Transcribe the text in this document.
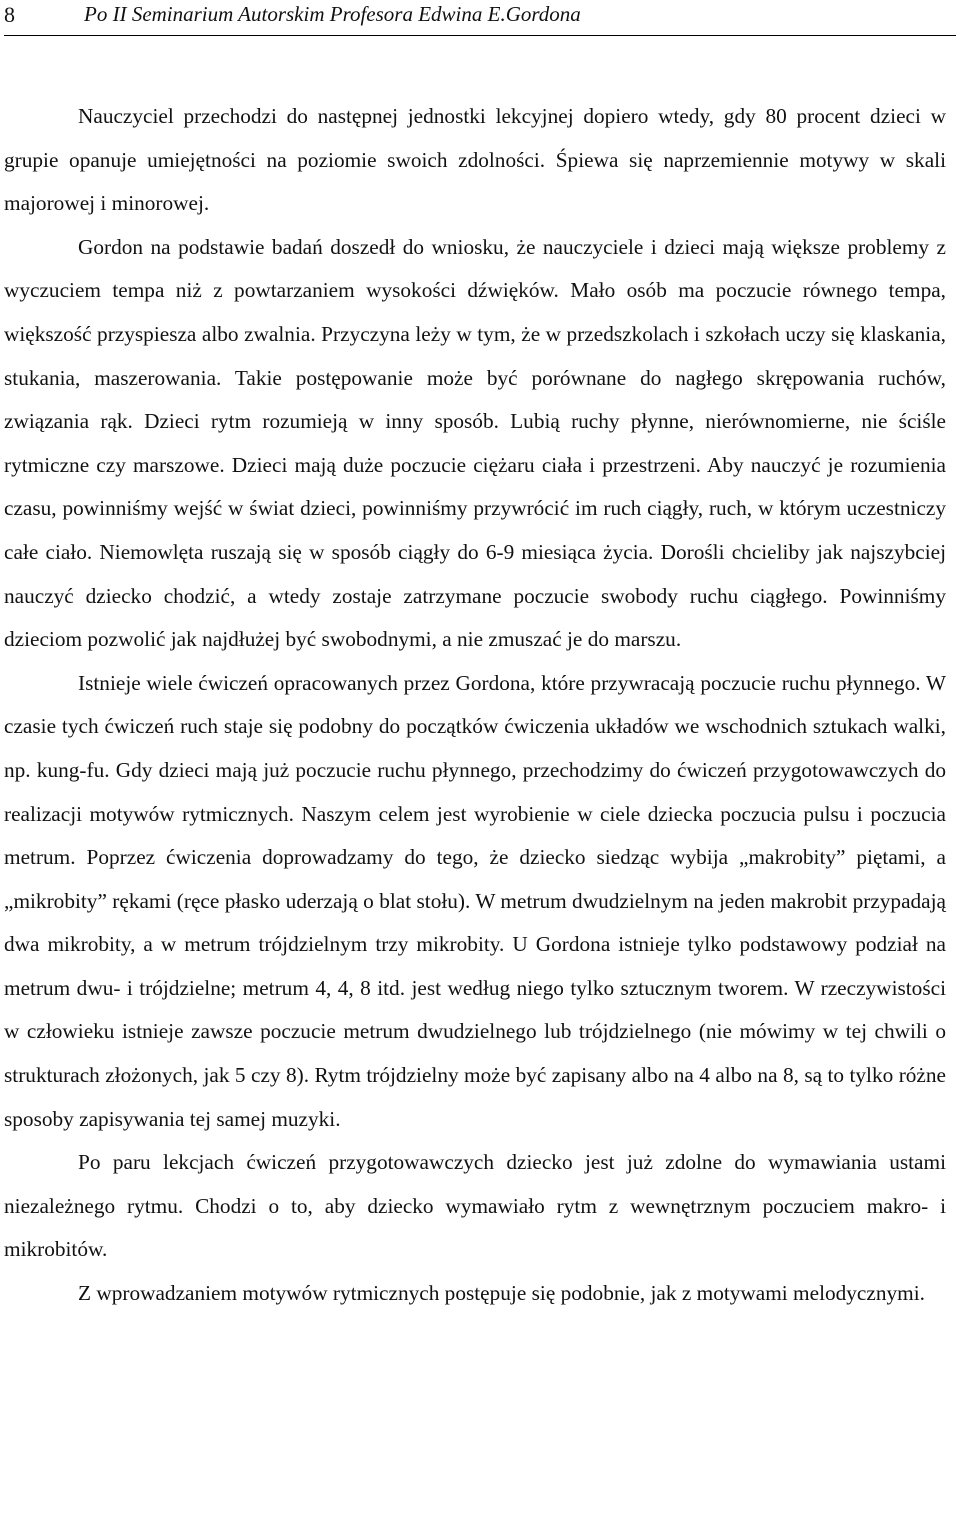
8	Po II Seminarium Autorskim Profesora Edwina E.Gordona

Nauczyciel przechodzi do następnej jednostki lekcyjnej dopiero wtedy, gdy 80 procent dzieci w grupie opanuje umiejętności na poziomie swoich zdolności. Śpiewa się naprzemiennie motywy w skali majorowej i minorowej.

Gordon na podstawie badań doszedł do wniosku, że nauczyciele i dzieci mają większe problemy z wyczuciem tempa niż z powtarzaniem wysokości dźwięków. Mało osób ma poczucie równego tempa, większość przyspiesza albo zwalnia. Przyczyna leży w tym, że w przedszkolach i szkołach uczy się klaskania, stukania, maszerowania. Takie postępowanie może być porównane do nagłego skrępowania ruchów, związania rąk. Dzieci rytm rozumieją w inny sposób. Lubią ruchy płynne, nierównomierne, nie ściśle rytmiczne czy marszowe. Dzieci mają duże poczucie ciężaru ciała i przestrzeni. Aby nauczyć je rozumienia czasu, powinniśmy wejść w świat dzieci, powinniśmy przywrócić im ruch ciągły, ruch, w którym uczestniczy całe ciało. Niemowlęta ruszają się w sposób ciągły do 6-9 miesiąca życia. Dorośli chcieliby jak najszybciej nauczyć dziecko chodzić, a wtedy zostaje zatrzymane poczucie swobody ruchu ciągłego. Powinniśmy dzieciom pozwolić jak najdłużej być swobodnymi, a nie zmuszać je do marszu.

Istnieje wiele ćwiczeń opracowanych przez Gordona, które przywracają poczucie ruchu płynnego. W czasie tych ćwiczeń ruch staje się podobny do początków ćwiczenia układów we wschodnich sztukach walki, np. kung-fu. Gdy dzieci mają już poczucie ruchu płynnego, przechodzimy do ćwiczeń przygotowawczych do realizacji motywów rytmicznych. Naszym celem jest wyrobienie w ciele dziecka poczucia pulsu i poczucia metrum. Poprzez ćwiczenia doprowadzamy do tego, że dziecko siedząc wybija „makrobity” piętami, a „mikrobity” rękami (ręce płasko uderzają o blat stołu). W metrum dwudzielnym na jeden makrobit przypadają dwa mikrobity, a w metrum trójdzielnym trzy mikrobity. U Gordona istnieje tylko podstawowy podział na metrum dwu- i trójdzielne; metrum 4, 4, 8 itd. jest według niego tylko sztucznym tworem. W rzeczywistości w człowieku istnieje zawsze poczucie metrum dwudzielnego lub trójdzielnego (nie mówimy w tej chwili o strukturach złożonych, jak 5 czy 8). Rytm trójdzielny może być zapisany albo na 4 albo na 8, są to tylko różne sposoby zapisywania tej samej muzyki.

Po paru lekcjach ćwiczeń przygotowawczych dziecko jest już zdolne do wymawiania ustami niezależnego rytmu. Chodzi o to, aby dziecko wymawiało rytm z wewnętrznym poczuciem makro- i mikrobitów.

Z wprowadzaniem motywów rytmicznych postępuje się podobnie, jak z motywami melodycznymi.
